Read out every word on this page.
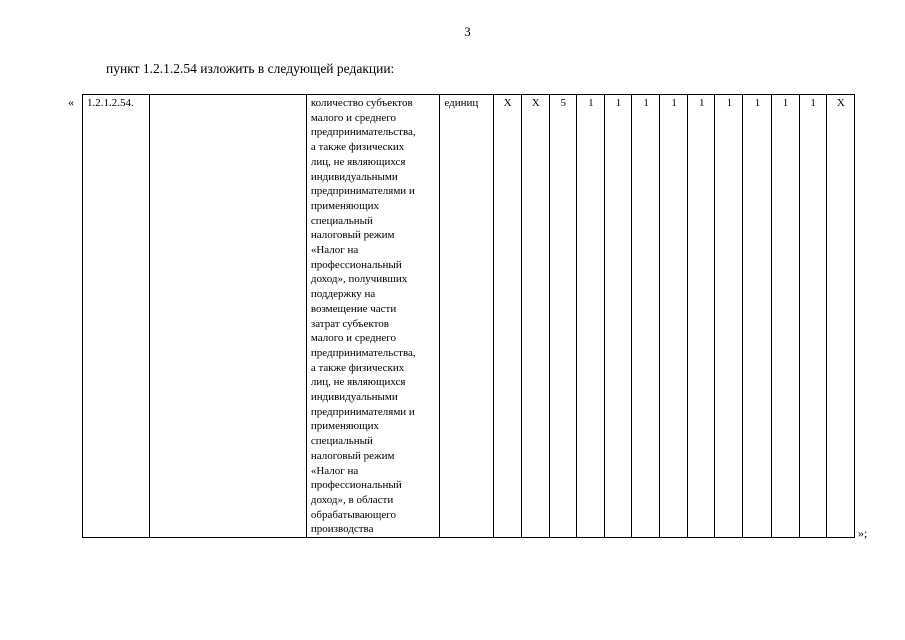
3
пункт 1.2.1.2.54 изложить в следующей редакции:
« 1.2.1.2.54.		количество субъектов
малого и среднего
предпринимательства,
а также физических
лиц, не являющихся
индивидуальными
предпринимателями и
применяющих
специальный
налоговый режим
«Налог на
профессиональный
доход», получивших
поддержку на
возмещение части
затрат субъектов
малого и среднего
предпринимательства,
а также физических
лиц, не являющихся
индивидуальными
предпринимателями и
применяющих
специальный
налоговый режим
«Налог на
профессиональный
доход», в области
обрабатывающего
производства
	единиц	Х	Х	5	1	1	1	1	1	1	1	1	1	Х
»;
